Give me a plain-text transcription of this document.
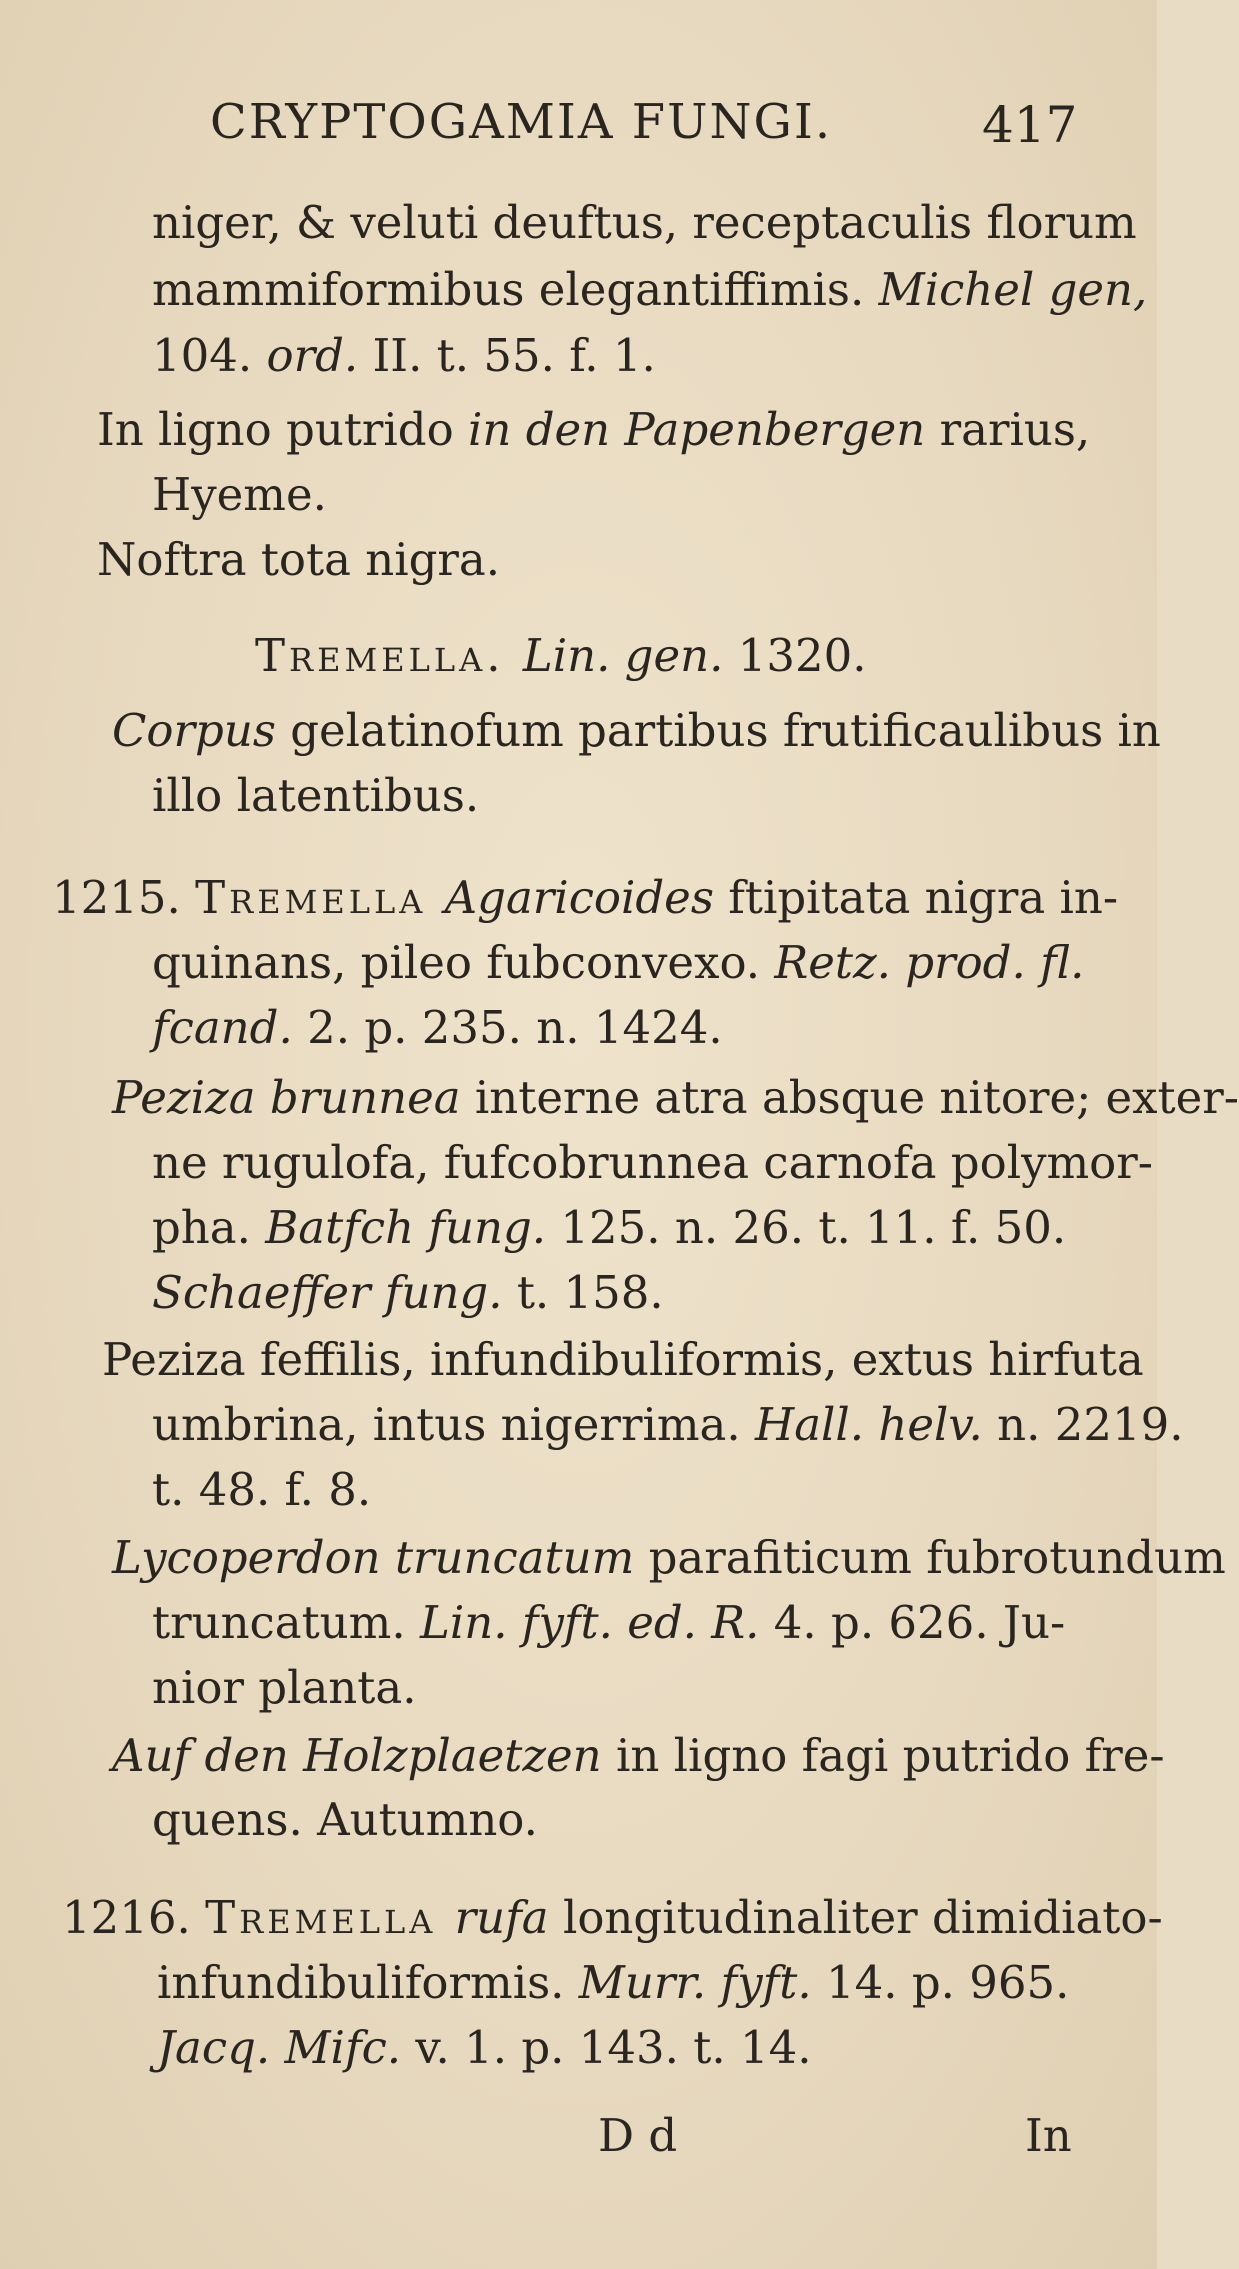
CRYPTOGAMIA FUNGI.	417
niger, & veluti deuftus, receptaculis florum
mammiformibus elegantiffimis. Michel gen,
104. ord. II. t. 55. f. 1.
In ligno putrido in den Papenbergen rarius,
Hyeme.
Noftra tota nigra.
Tremella. Lin. gen. 1320.
Corpus gelatinofum partibus frutificaulibus in
illo latentibus.
1215. Tremella Agaricoides ftipitata nigra in-
quinans, pileo fubconvexo. Retz. prod. fl.
fcand. 2. p. 235. n. 1424.
Peziza brunnea interne atra absque nitore; exter-
ne rugulofa, fufcobrunnea carnofa polymor-
pha. Batfch fung. 125. n. 26. t. 11. f. 50.
Schaeffer fung. t. 158.
Peziza feffilis, infundibuliformis, extus hirfuta
umbrina, intus nigerrima. Hall. helv. n. 2219.
t. 48. f. 8.
Lycoperdon truncatum parafiticum fubrotundum
truncatum. Lin. fyft. ed. R. 4. p. 626. Ju-
nior planta.
Auf den Holzplaetzen in ligno fagi putrido fre-
quens. Autumno.
1216. Tremella rufa longitudinaliter dimidiato-
infundibuliformis. Murr. fyft. 14. p. 965.
Jacq. Mifc. v. 1. p. 143. t. 14.
D d	In
